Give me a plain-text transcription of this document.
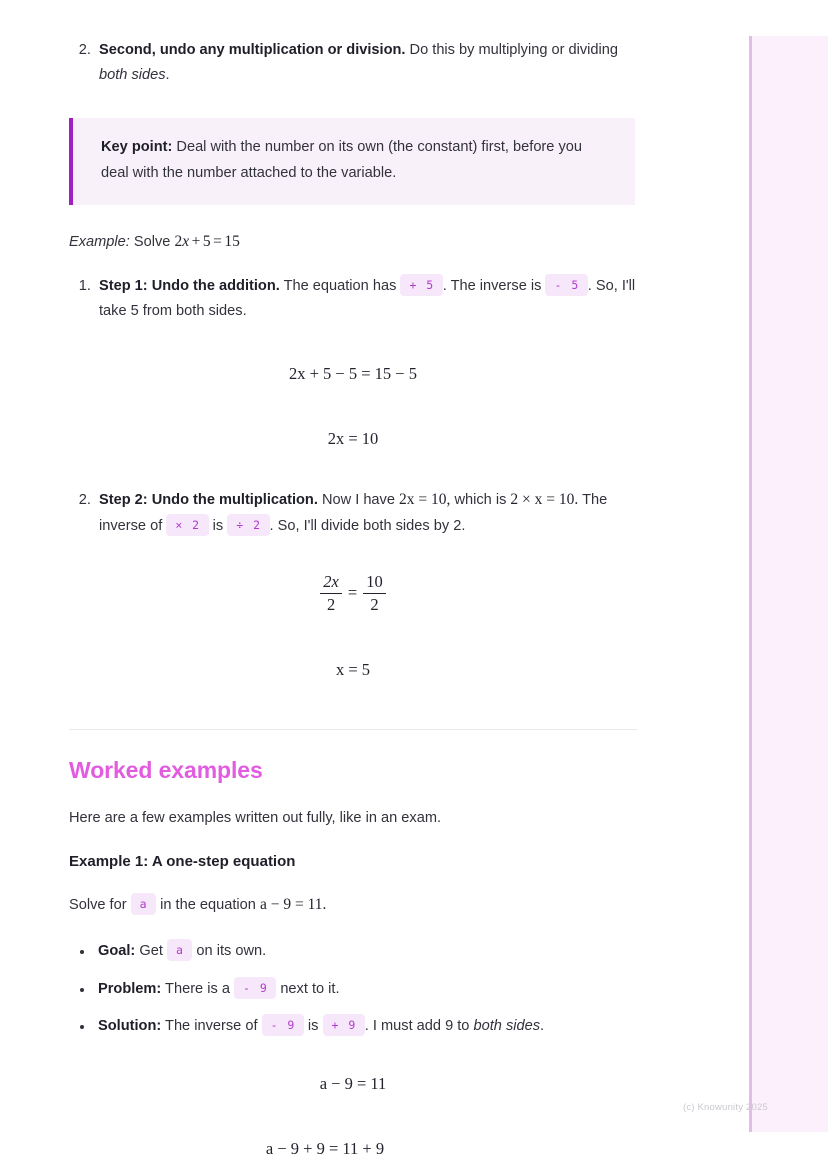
2. Second, undo any multiplication or division. Do this by multiplying or dividing both sides.

Key point: Deal with the number on its own (the constant) first, before you deal with the number attached to the variable.

Example: Solve 2x + 5 = 15

1. Step 1: Undo the addition. The equation has + 5 . The inverse is - 5 . So, I'll take 5 from both sides.
2x + 5 − 5 = 15 − 5
2x = 10
2. Step 2: Undo the multiplication. Now I have 2x = 10, which is 2 × x = 10. The inverse of × 2 is ÷ 2 . So, I'll divide both sides by 2.
$\frac{2x}{2} = \frac{10}{2}$
x = 5
Worked examples

Here are a few examples written out fully, like in an exam.

Example 1: A one-step equation

Solve for a in the equation a − 9 = 11.

• Goal: Get a on its own.
• Problem: There is a - 9 next to it.
• Solution: The inverse of - 9 is + 9 . I must add 9 to both sides.
a − 9 = 11
a − 9 + 9 = 11 + 9
(c) Knowunity 2025
